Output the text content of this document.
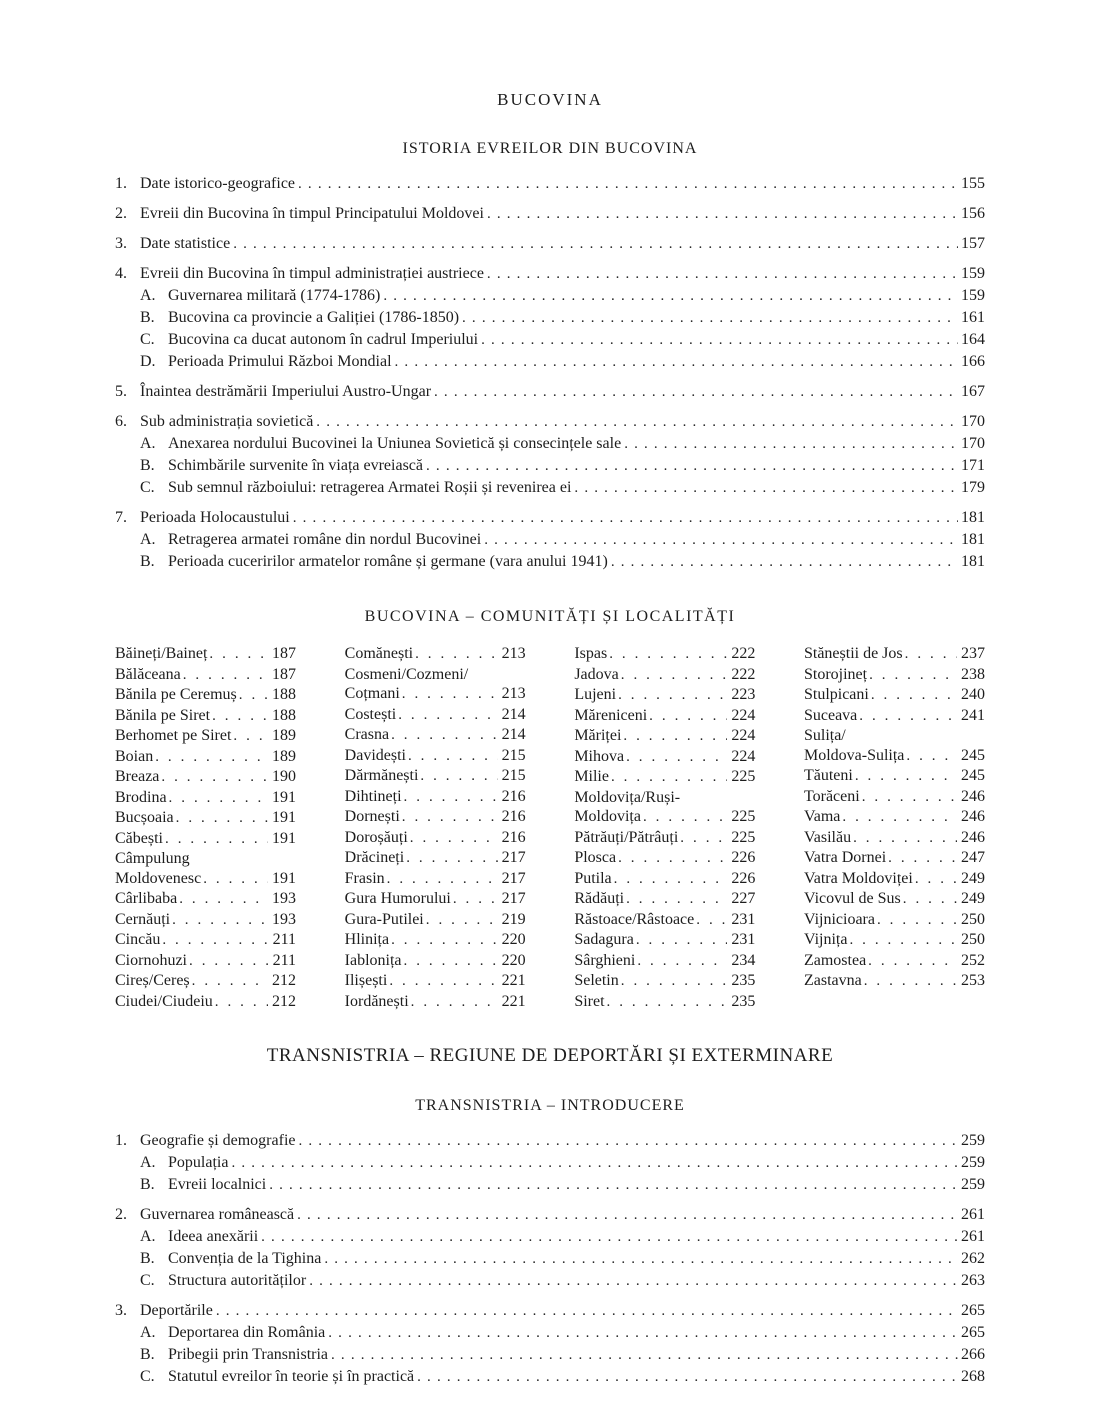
BUCOVINA
ISTORIA EVREILOR DIN BUCOVINA
1. Date istorico-geografice . . .	155
2. Evreii din Bucovina în timpul Principatului Moldovei . . .	156
3. Date statistice . . .	157
4. Evreii din Bucovina în timpul administrației austriece . . .	159
A. Guvernarea militară (1774-1786) . . .	159
B. Bucovina ca provincie a Galiției (1786-1850) . . .	161
C. Bucovina ca ducat autonom în cadrul Imperiului . . .	164
D. Perioada Primului Război Mondial . . .	166
5. Înaintea destrămării Imperiului Austro-Ungar . . .	167
6. Sub administrația sovietică . . .	170
A. Anexarea nordului Bucovinei la Uniunea Sovietică și consecințele sale . . .	170
B. Schimbările survenite în viața evreiască . . .	171
C. Sub semnul războiului: retragerea Armatei Roșii și revenirea ei . . .	179
7. Perioada Holocaustului . . .	181
A. Retragerea armatei române din nordul Bucovinei . . .	181
B. Perioada cuceririlor armatelor române și germane (vara anului 1941) . . .	181
BUCOVINA – COMUNITĂȚI ȘI LOCALITĂȚI
Băineți/Baineț . . .	187
Bălăceana . . .	187
Bănila pe Ceremuș . . . 188
Bănila pe Siret . . .	188
Berhomet pe Siret . . .	189
Boian . . .	189
Breaza . . .	190
Brodina . . .	191
Bucșoaia . . .	191
Căbești . . .	191
Câmpulung
Moldovenesc . . .	191
Cârlibaba . . .	193
Cernăuți . . .	193
Cincău . . .	211
Ciornohuzi . . .	211
Cireș/Cereș . . .	212
Ciudei/Ciudeiu . . .	212
Comănești . . .	213
Cosmeni/Cozmeni/
Coțmani . . .	213
Costești . . .	214
Crasna . . .	214
Davidești . . .	215
Dărmănești . . .	215
Dihtineți . . .	216
Dornești . . .	216
Doroșăuți . . .	216
Drăcineți . . .	217
Frasin . . .	217
Gura Humorului . . .	217
Gura-Putilei . . .	219
Hlinița . . .	220
Iablonița . . .	220
Ilișești . . .	221
Iordănești . . .	221
Ispas . . .	222
Jadova . . .	222
Lujeni . . .	223
Măreniceni . . .	224
Măriței . . .	224
Mihova . . .	224
Milie . . .	225
Moldovița/Ruși-
Moldovița . . .	225
Pătrăuți/Pătrâuți . . .	225
Plosca . . .	226
Putila . . .	226
Rădăuți . . .	227
Răstoace/Râstoace . . . 231
Sadagura . . .	231
Sârghieni . . .	234
Seletin . . .	235
Siret . . .	235
Stăneștii de Jos . . .	237
Storojineț . . .	238
Stulpicani . . .	240
Suceava . . .	241
Sulița/
Moldova-Sulița . . .	245
Tăuteni . . .	245
Torăceni . . .	246
Vama . . .	246
Vasilău . . .	246
Vatra Dornei . . .	247
Vatra Moldoviței . . .	249
Vicovul de Sus . . .	249
Vijnicioara . . .	250
Vijnița . . .	250
Zamostea . . .	252
Zastavna . . .	253
TRANSNISTRIA – REGIUNE DE DEPORTĂRI ȘI EXTERMINARE
TRANSNISTRIA – INTRODUCERE
1. Geografie și demografie . . .	259
A. Populația . . .	259
B. Evreii localnici . . .	259
2. Guvernarea românească . . .	261
A. Ideea anexării . . .	261
B. Convenția de la Tighina . . .	262
C. Structura autorităților . . .	263
3. Deportările . . .	265
A. Deportarea din România . . .	265
B. Pribegii prin Transnistria . . .	266
C. Statutul evreilor în teorie și în practică . . .	268
